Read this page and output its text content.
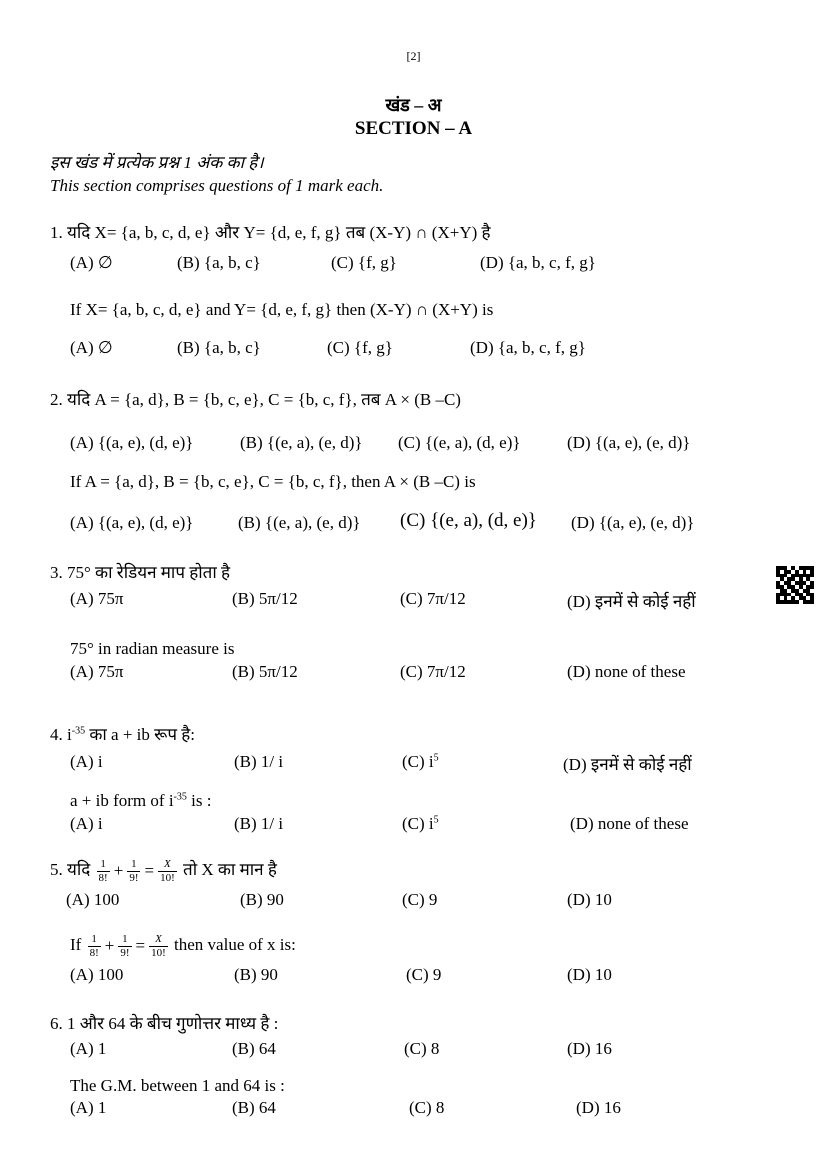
[2]
खंड – अ
SECTION – A
इस खंड में प्रत्येक प्रश्न 1 अंक का है।
This section comprises questions of 1 mark each.
1. यदि X= {a, b, c, d, e} और Y= {d, e, f, g} तब (X-Y) ∩ (X+Y) है
(A) ∅	(B) {a, b, c}	(C) {f, g}	(D) {a, b, c, f, g}
If X= {a, b, c, d, e} and Y= {d, e, f, g} then (X-Y) ∩ (X+Y) is
(A) ∅	(B) {a, b, c}	(C) {f, g}	(D) {a, b, c, f, g}
2. यदि A = {a, d}, B = {b, c, e}, C = {b, c, f}, तब A × (B –C)
(A) {(a, e), (d, e)}	(B) {(e, a), (e, d)} (C) {(e, a), (d, e)}	(D) {(a, e), (e, d)}
If A = {a, d}, B = {b, c, e}, C = {b, c, f}, then A × (B –C) is
(A) {(a, e), (d, e)}	(B) {(e, a), (e, d)} (C) {(e, a), (d, e)} (D) {(a, e), (e, d)}
3. 75° का रेडियन माप होता है
(A) 75π	(B) 5π/12	(C) 7π/12	(D) इनमें से कोई नहीं
75° in radian measure is
(A) 75π	(B) 5π/12	(C) 7π/12	(D) none of these
4. $i^{-35}$ का a + ib रूप है:
(A) i	(B) 1/ i	(C) $i^5$	(D) इनमें से कोई नहीं
a + ib form of $i^{-35}$ is :
(A) i	(B) 1/ i	(C) $i^5$	(D) none of these
5. यदि $\frac{1}{8!} + \frac{1}{9!} = \frac{X}{10!}$ तो X का मान है
(A) 100	(B) 90	(C) 9	(D) 10
If $\frac{1}{8!} + \frac{1}{9!} = \frac{X}{10!}$ then value of x is:
(A) 100	(B) 90	(C) 9	(D) 10
6. 1 और 64 के बीच गुणोत्तर माध्य है :
(A) 1	(B) 64	(C) 8	(D) 16
The G.M. between 1 and 64 is :
(A) 1	(B) 64	(C) 8	(D) 16
